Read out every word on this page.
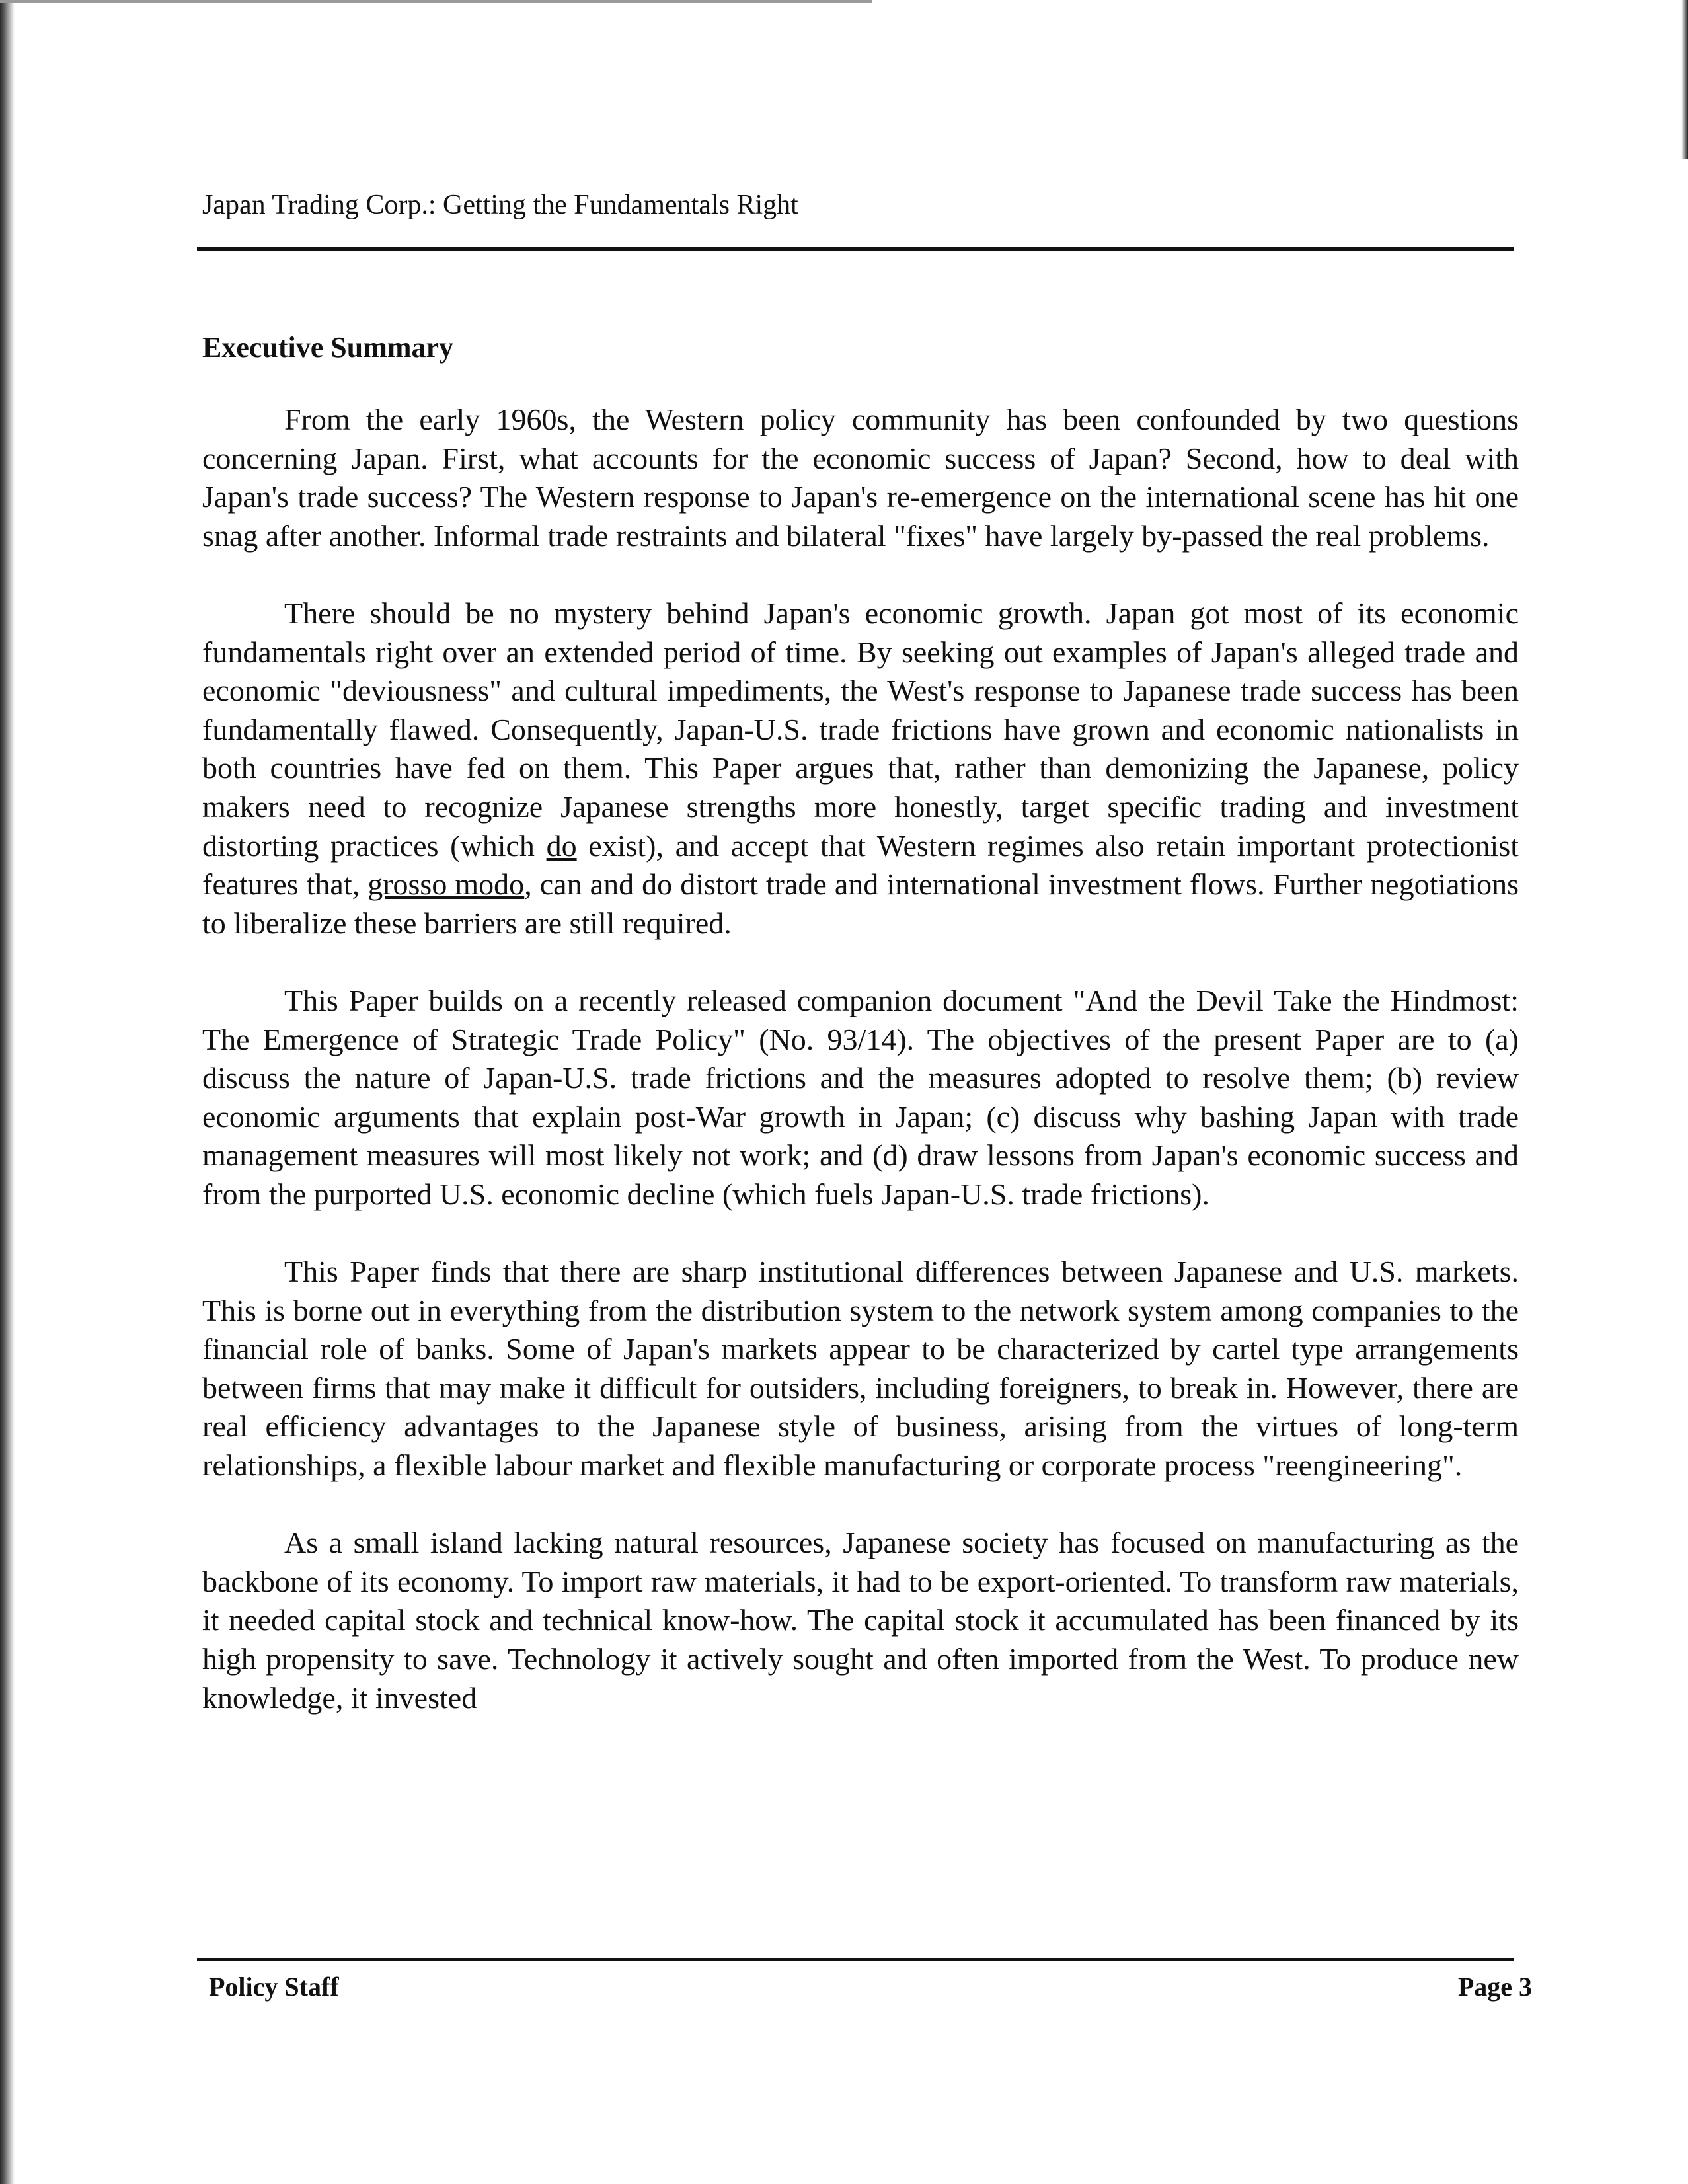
Japan Trading Corp.: Getting the Fundamentals Right
Executive Summary

From the early 1960s, the Western policy community has been confounded by two questions concerning Japan. First, what accounts for the economic success of Japan? Second, how to deal with Japan's trade success? The Western response to Japan's re-emergence on the international scene has hit one snag after another. Informal trade restraints and bilateral "fixes" have largely by-passed the real problems.

There should be no mystery behind Japan's economic growth. Japan got most of its economic fundamentals right over an extended period of time. By seeking out examples of Japan's alleged trade and economic "deviousness" and cultural impediments, the West's response to Japanese trade success has been fundamentally flawed. Consequently, Japan-U.S. trade frictions have grown and economic nationalists in both countries have fed on them. This Paper argues that, rather than demonizing the Japanese, policy makers need to recognize Japanese strengths more honestly, target specific trading and investment distorting practices (which do exist), and accept that Western regimes also retain important protectionist features that, grosso modo, can and do distort trade and international investment flows. Further negotiations to liberalize these barriers are still required.

This Paper builds on a recently released companion document "And the Devil Take the Hindmost: The Emergence of Strategic Trade Policy" (No. 93/14). The objectives of the present Paper are to (a) discuss the nature of Japan-U.S. trade frictions and the measures adopted to resolve them; (b) review economic arguments that explain post-War growth in Japan; (c) discuss why bashing Japan with trade management measures will most likely not work; and (d) draw lessons from Japan's economic success and from the purported U.S. economic decline (which fuels Japan-U.S. trade frictions).

This Paper finds that there are sharp institutional differences between Japanese and U.S. markets. This is borne out in everything from the distribution system to the network system among companies to the financial role of banks. Some of Japan's markets appear to be characterized by cartel type arrangements between firms that may make it difficult for outsiders, including foreigners, to break in. However, there are real efficiency advantages to the Japanese style of business, arising from the virtues of long-term relationships, a flexible labour market and flexible manufacturing or corporate process "reengineering".

As a small island lacking natural resources, Japanese society has focused on manufacturing as the backbone of its economy. To import raw materials, it had to be export-oriented. To transform raw materials, it needed capital stock and technical know-how. The capital stock it accumulated has been financed by its high propensity to save. Technology it actively sought and often imported from the West. To produce new knowledge, it invested

Policy Staff	Page 3
